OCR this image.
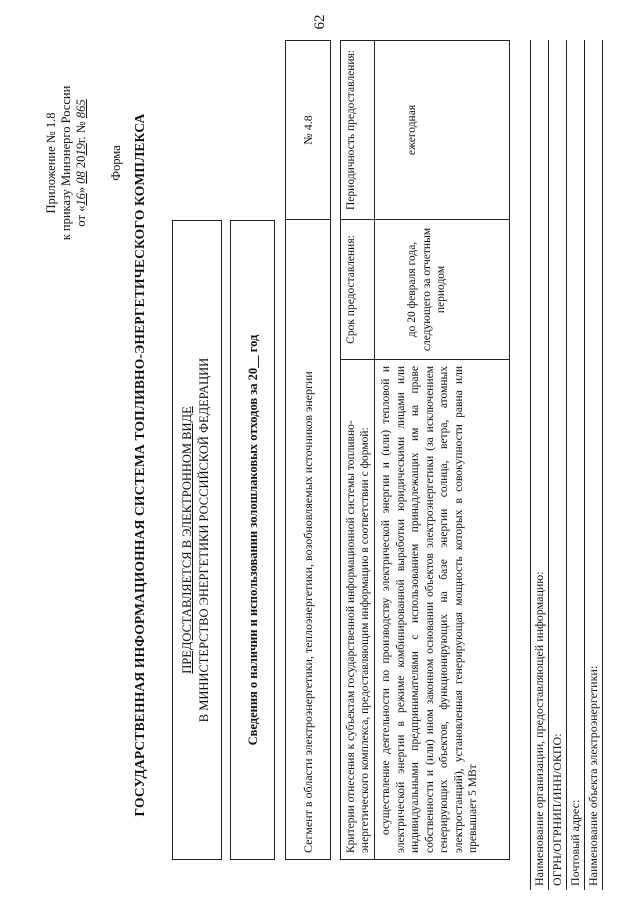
62
Приложение № 1.8 к приказу Минэнерго России от «16» 08 2019г. № 865
Форма ГОСУДАРСТВЕННАЯ ИНФОРМАЦИОННАЯ СИСТЕМА ТОПЛИВНО-ЭНЕРГЕТИЧЕСКОГО КОМПЛЕКСА	ПРЕДОСТАВЛЯЕТСЯ В ЭЛЕКТРОННОМ ВИДЕ В МИНИСТЕРСТВО ЭНЕРГЕТИКИ РОССИЙСКОЙ ФЕДЕРАЦИИ	Сведения о наличии и использовании золошлаковых отходов за 20__ год	Сегмент в области электроэнергетики, теплоэнергетики, возобновляемых источников энергии
№ 4.8
Критерии отнесения к субъектам государственной информационной системы топливно-энергетического комплекса, предоставляющим информацию в соответствии с формой: осуществление деятельности по производству электрической энергии и (или) тепловой и электрической энергии в режиме комбинированной выработки юридическими лицами или индивидуальными предпринимателями с использованием принадлежащих им на праве собственности и (или) ином законном основании объектов электроэнергетики (за исключением генерирующих объектов, функционирующих на базе энергии солнца, ветра, атомных электростанций), установленная генерирующая мощность которых в совокупности равна или превышает 5 МВт
Срок предоставления:	до 20 февраля года, следующего за отчетным периодом
Периодичность предоставления:	ежегодная
Наименование организации, предоставляющей информацию: ОГРН/ОГРНИП/ИНН/ОКПО: Почтовый адрес: Наименование объекта электроэнергетики:
